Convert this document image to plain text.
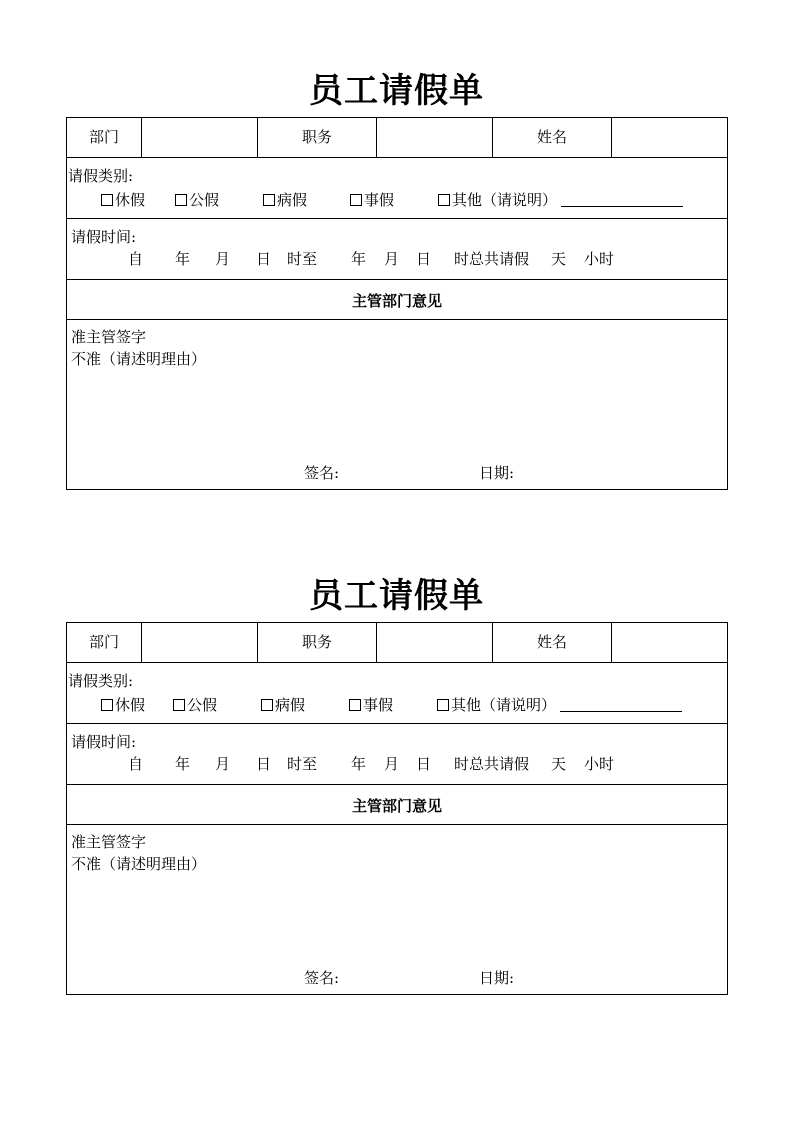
员工请假单
部门	职务	姓名
请假类别:
休假	公假	病假	事假	其他（请说明）
请假时间:
自 年 月 日 时至 年 月 日 时总共请假 天 小时
主管部门意见
准主管签字
不准（请述明理由）
签名:	日期:
员工请假单
部门	职务	姓名
请假类别:
休假	公假	病假	事假	其他（请说明）
请假时间:
自 年 月 日 时至 年 月 日 时总共请假 天 小时
主管部门意见
准主管签字
不准（请述明理由）
签名:	日期:
